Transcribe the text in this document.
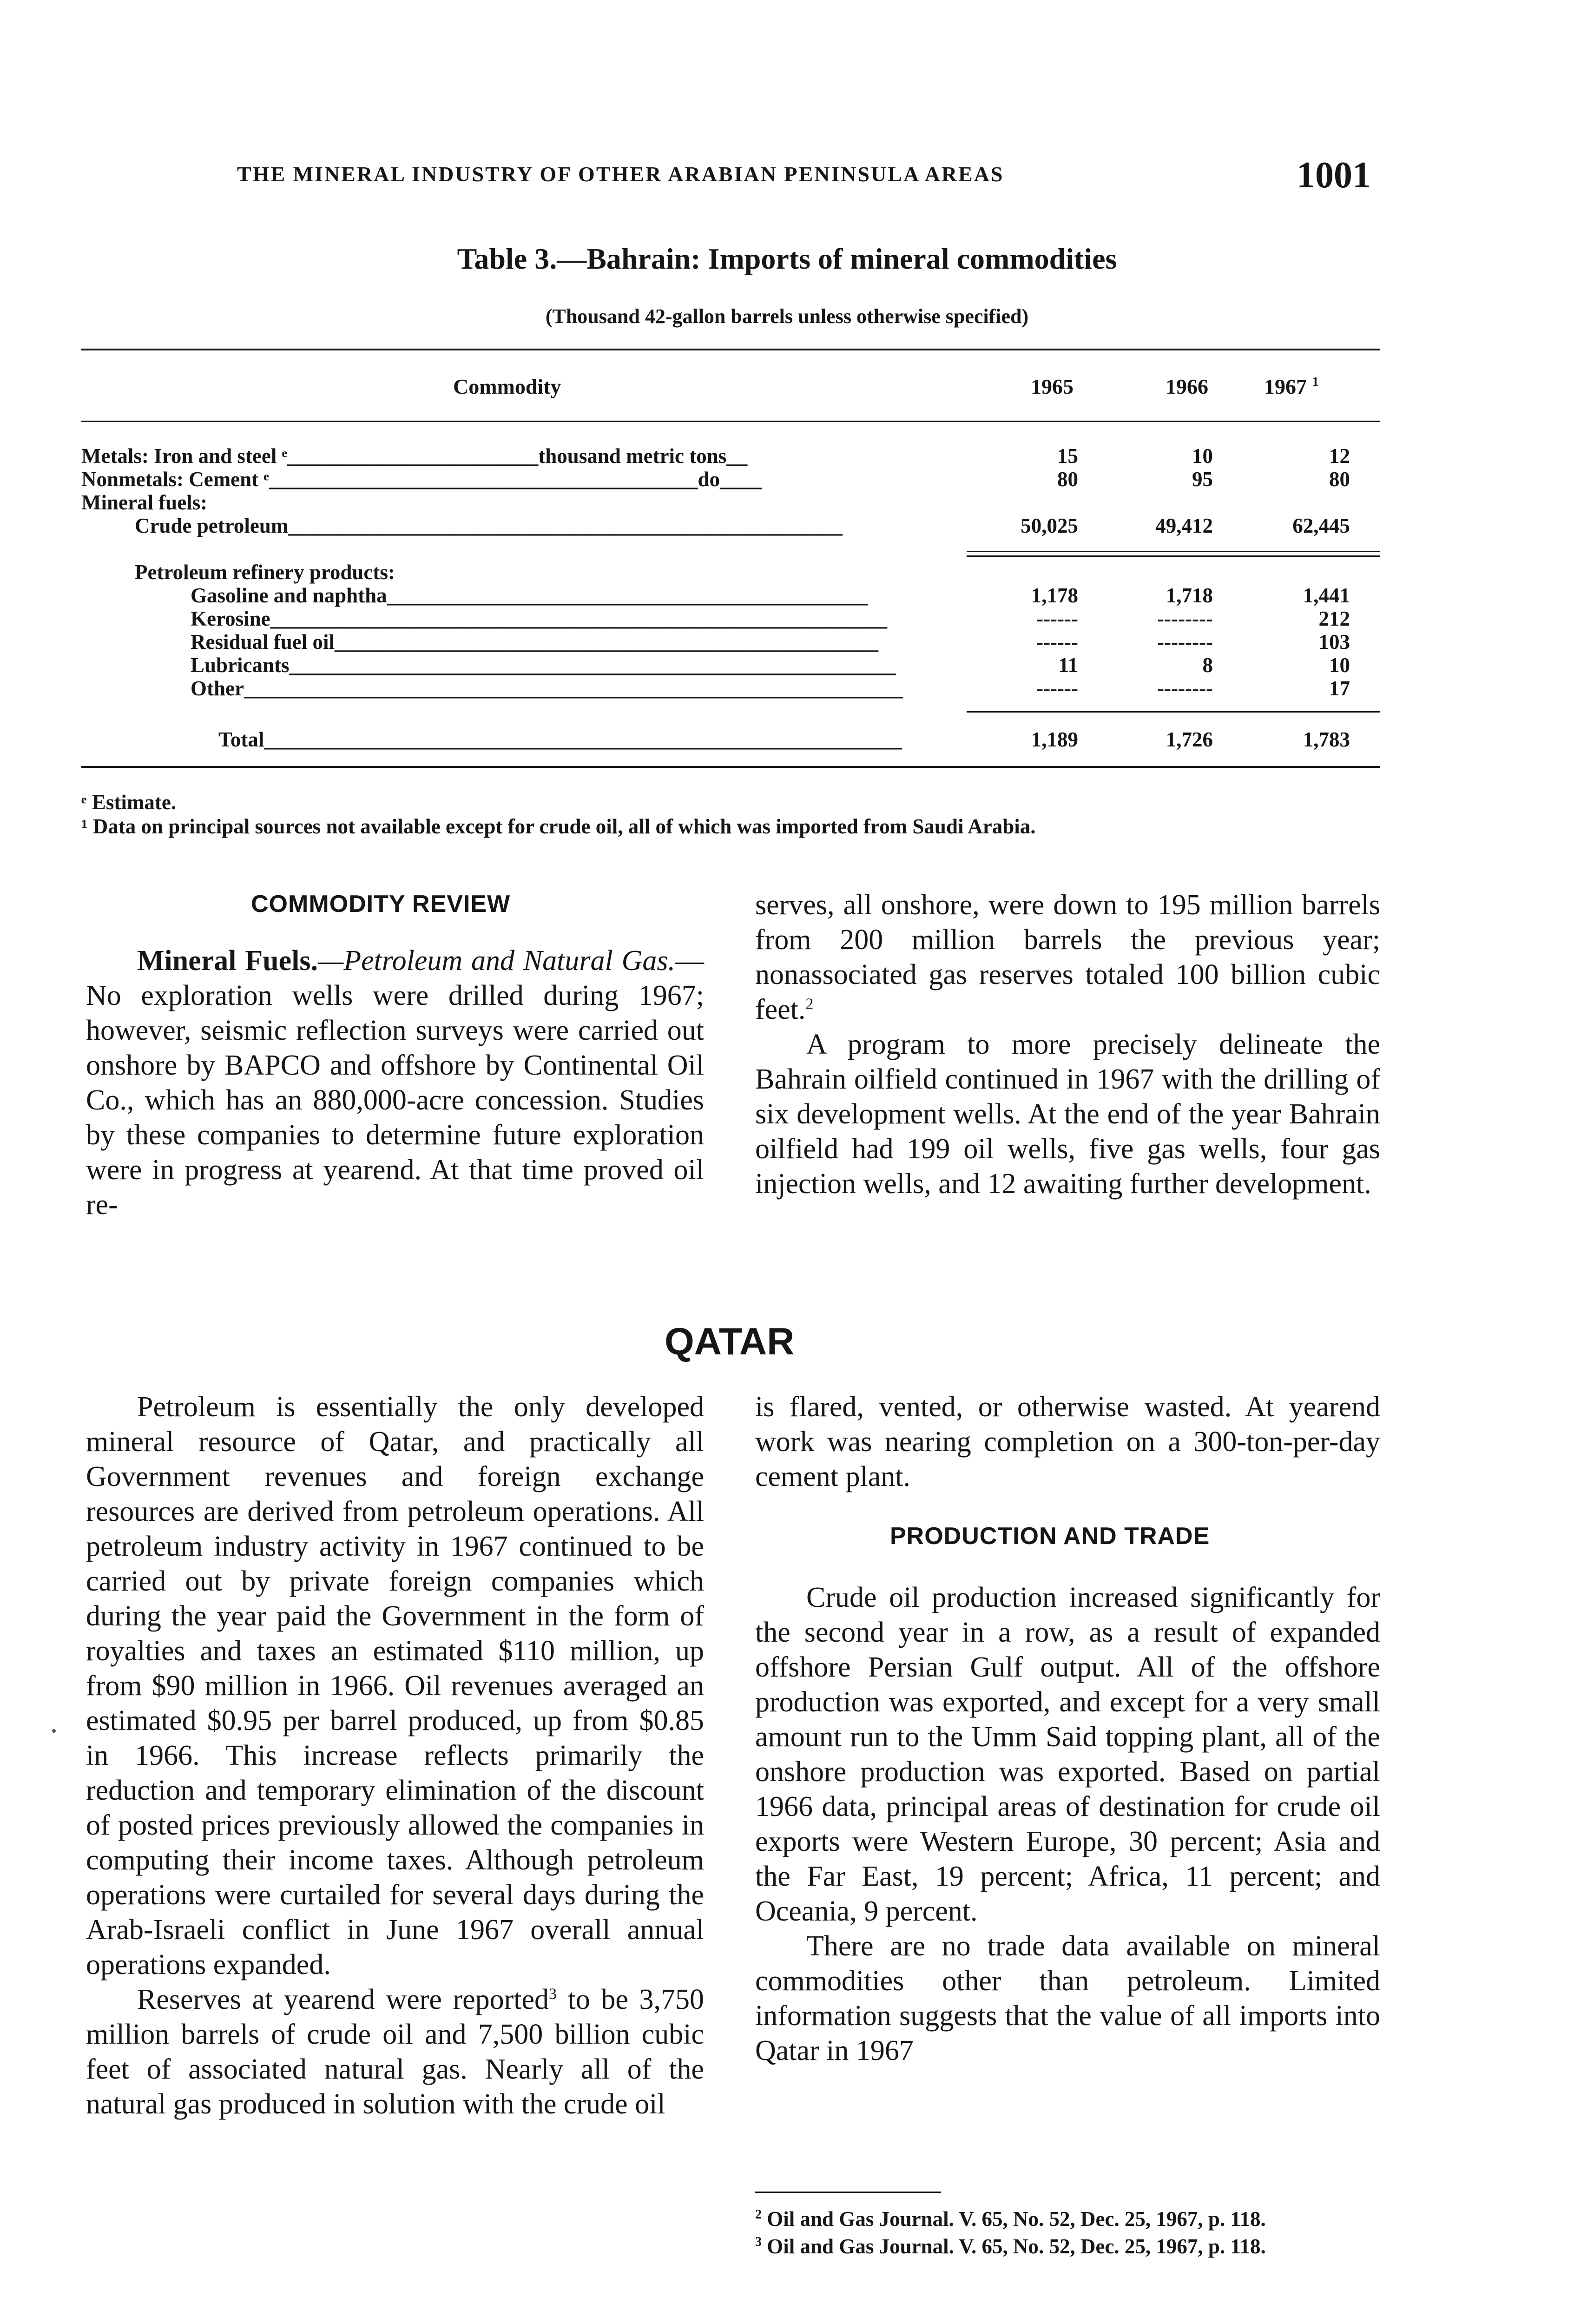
THE MINERAL INDUSTRY OF OTHER ARABIAN PENINSULA AREAS	1001
Table 3.—Bahrain: Imports of mineral commodities
(Thousand 42-gallon barrels unless otherwise specified)
Commodity	1965	1966	1967 $^1$
Metals: Iron and steel ᵉ________________________thousand metric tons__	15	10	12
Nonmetals: Cement ᵉ_________________________________________do____	80	95	80
Mineral fuels:
Crude petroleum_____________________________________________________	50,025	49,412	62,445
Petroleum refinery products:
Gasoline and naphtha______________________________________________	1,178	1,718	1,441
Kerosine___________________________________________________________	------	--------	212
Residual fuel oil____________________________________________________	------	--------	103
Lubricants__________________________________________________________	11	8	10
Other_______________________________________________________________	------	--------	17
Total_____________________________________________________________	1,189	1,726	1,783
ᵉ Estimate.
¹ Data on principal sources not available except for crude oil, all of which was imported from Saudi Arabia.
COMMODITY REVIEW

Mineral Fuels.—Petroleum and Natural Gas.—No exploration wells were drilled during 1967; however, seismic reflection surveys were carried out onshore by BAPCO and offshore by Continental Oil Co., which has an 880,000-acre concession. Studies by these companies to determine future exploration were in progress at yearend. At that time proved oil re-

serves, all onshore, were down to 195 million barrels from 200 million barrels the previous year; nonassociated gas reserves totaled 100 billion cubic feet.$^2$

A program to more precisely delineate the Bahrain oilfield continued in 1967 with the drilling of six development wells. At the end of the year Bahrain oilfield had 199 oil wells, five gas wells, four gas injection wells, and 12 awaiting further development.

QATAR

Petroleum is essentially the only developed mineral resource of Qatar, and practically all Government revenues and foreign exchange resources are derived from petroleum operations. All petroleum industry activity in 1967 continued to be carried out by private foreign companies which during the year paid the Government in the form of royalties and taxes an estimated $110 million, up from $90 million in 1966. Oil revenues averaged an estimated $0.95 per barrel produced, up from $0.85 in 1966. This increase reflects primarily the reduction and temporary elimination of the discount of posted prices previously allowed the companies in computing their income taxes. Although petroleum operations were curtailed for several days during the Arab-Israeli conflict in June 1967 overall annual operations expanded.

Reserves at yearend were reported$^3$ to be 3,750 million barrels of crude oil and 7,500 billion cubic feet of associated natural gas. Nearly all of the natural gas produced in solution with the crude oil

is flared, vented, or otherwise wasted. At yearend work was nearing completion on a 300-ton-per-day cement plant.

PRODUCTION AND TRADE

Crude oil production increased significantly for the second year in a row, as a result of expanded offshore Persian Gulf output. All of the offshore production was exported, and except for a very small amount run to the Umm Said topping plant, all of the onshore production was exported. Based on partial 1966 data, principal areas of destination for crude oil exports were Western Europe, 30 percent; Asia and the Far East, 19 percent; Africa, 11 percent; and Oceania, 9 percent.

There are no trade data available on mineral commodities other than petroleum. Limited information suggests that the value of all imports into Qatar in 1967

$^2$ Oil and Gas Journal. V. 65, No. 52, Dec. 25, 1967, p. 118.
$^3$ Oil and Gas Journal. V. 65, No. 52, Dec. 25, 1967, p. 118.
